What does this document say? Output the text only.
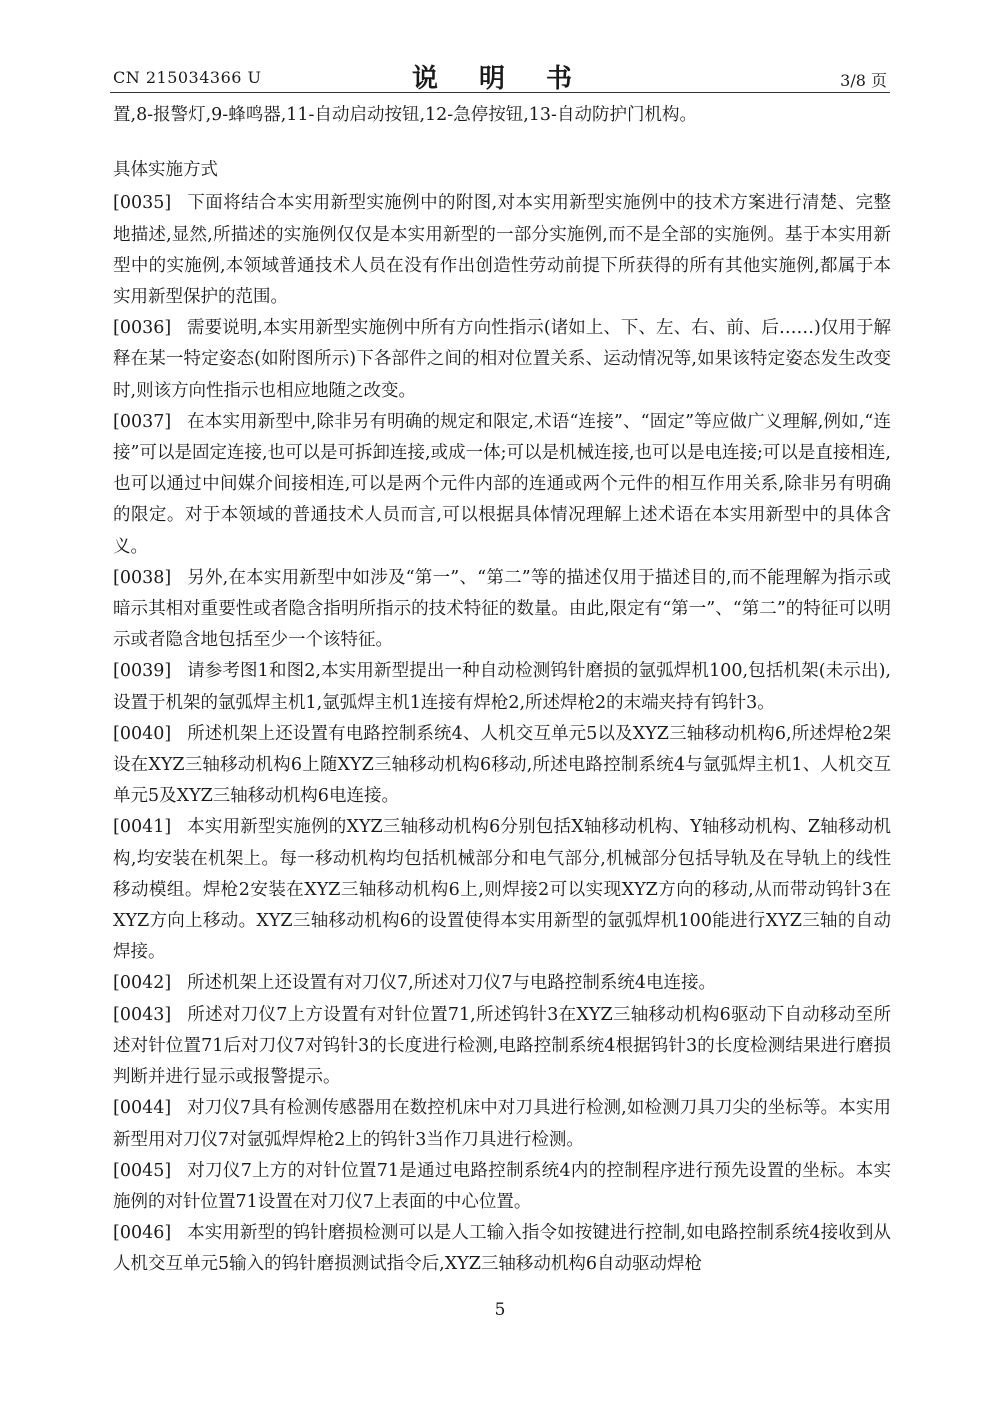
CN 215034366 U	说 明 书	3/8 页

置,8-报警灯,9-蜂鸣器,11-自动启动按钮,12-急停按钮,13-自动防护门机构。

具体实施方式

[0035] 下面将结合本实用新型实施例中的附图,对本实用新型实施例中的技术方案进行清楚、完整地描述,显然,所描述的实施例仅仅是本实用新型的一部分实施例,而不是全部的实施例。基于本实用新型中的实施例,本领域普通技术人员在没有作出创造性劳动前提下所获得的所有其他实施例,都属于本实用新型保护的范围。

[0036] 需要说明,本实用新型实施例中所有方向性指示(诸如上、下、左、右、前、后……)仅用于解释在某一特定姿态(如附图所示)下各部件之间的相对位置关系、运动情况等,如果该特定姿态发生改变时,则该方向性指示也相应地随之改变。

[0037] 在本实用新型中,除非另有明确的规定和限定,术语“连接”、“固定”等应做广义理解,例如,“连接”可以是固定连接,也可以是可拆卸连接,或成一体;可以是机械连接,也可以是电连接;可以是直接相连,也可以通过中间媒介间接相连,可以是两个元件内部的连通或两个元件的相互作用关系,除非另有明确的限定。对于本领域的普通技术人员而言,可以根据具体情况理解上述术语在本实用新型中的具体含义。

[0038] 另外,在本实用新型中如涉及“第一”、“第二”等的描述仅用于描述目的,而不能理解为指示或暗示其相对重要性或者隐含指明所指示的技术特征的数量。由此,限定有“第一”、“第二”的特征可以明示或者隐含地包括至少一个该特征。

[0039] 请参考图1和图2,本实用新型提出一种自动检测钨针磨损的氩弧焊机100,包括机架(未示出),设置于机架的氩弧焊主机1,氩弧焊主机1连接有焊枪2,所述焊枪2的末端夹持有钨针3。

[0040] 所述机架上还设置有电路控制系统4、人机交互单元5以及XYZ三轴移动机构6,所述焊枪2架设在XYZ三轴移动机构6上随XYZ三轴移动机构6移动,所述电路控制系统4与氩弧焊主机1、人机交互单元5及XYZ三轴移动机构6电连接。

[0041] 本实用新型实施例的XYZ三轴移动机构6分别包括X轴移动机构、Y轴移动机构、Z轴移动机构,均安装在机架上。每一移动机构均包括机械部分和电气部分,机械部分包括导轨及在导轨上的线性移动模组。焊枪2安装在XYZ三轴移动机构6上,则焊接2可以实现XYZ方向的移动,从而带动钨针3在XYZ方向上移动。XYZ三轴移动机构6的设置使得本实用新型的氩弧焊机100能进行XYZ三轴的自动焊接。

[0042] 所述机架上还设置有对刀仪7,所述对刀仪7与电路控制系统4电连接。

[0043] 所述对刀仪7上方设置有对针位置71,所述钨针3在XYZ三轴移动机构6驱动下自动移动至所述对针位置71后对刀仪7对钨针3的长度进行检测,电路控制系统4根据钨针3的长度检测结果进行磨损判断并进行显示或报警提示。

[0044] 对刀仪7具有检测传感器用在数控机床中对刀具进行检测,如检测刀具刀尖的坐标等。本实用新型用对刀仪7对氩弧焊焊枪2上的钨针3当作刀具进行检测。

[0045] 对刀仪7上方的对针位置71是通过电路控制系统4内的控制程序进行预先设置的坐标。本实施例的对针位置71设置在对刀仪7上表面的中心位置。

[0046] 本实用新型的钨针磨损检测可以是人工输入指令如按键进行控制,如电路控制系统4接收到从人机交互单元5输入的钨针磨损测试指令后,XYZ三轴移动机构6自动驱动焊枪

5
